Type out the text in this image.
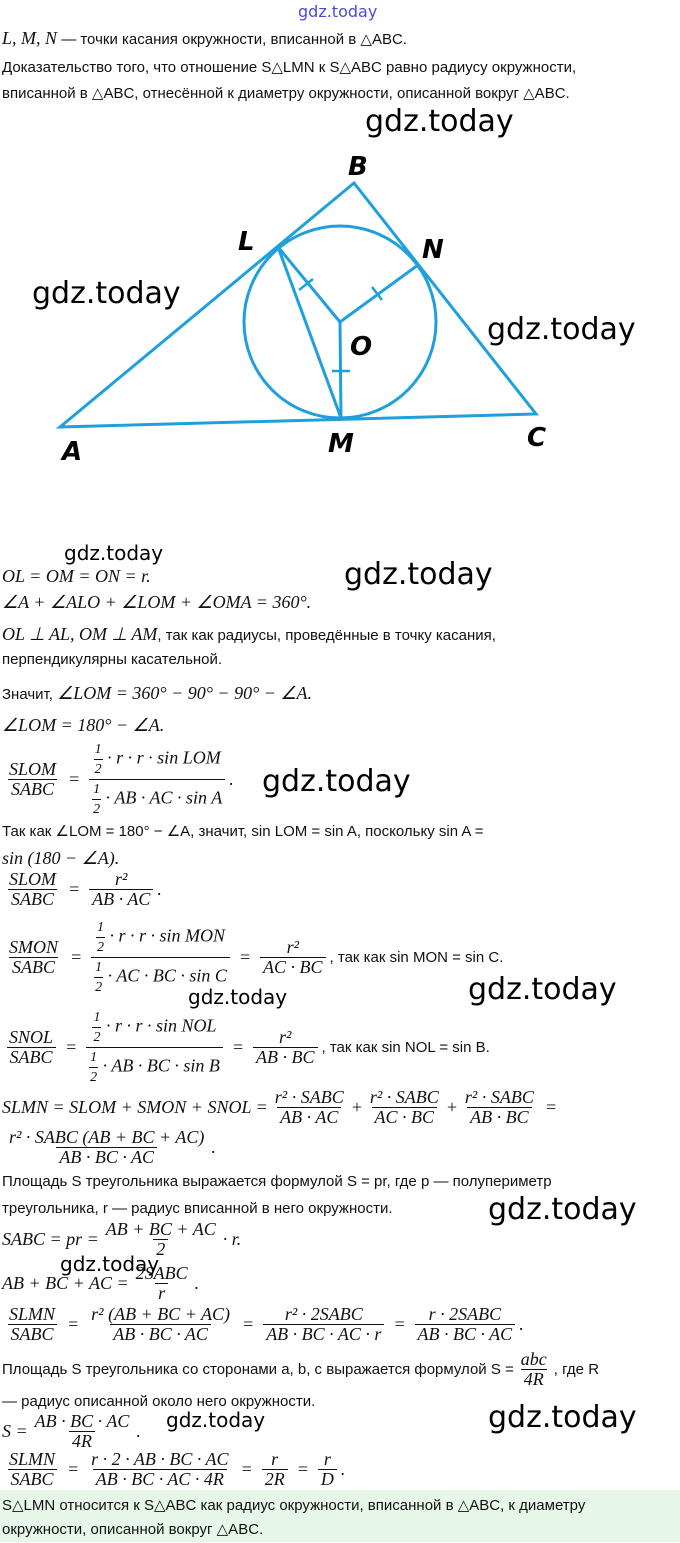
gdz.today
gdz.today
gdz.today
gdz.today
gdz.today
gdz.today
gdz.today
gdz.today	gdz.today
gdz.today
gdz.today
gdz.today	gdz.today
L, M, N — точки касания окружности, вписанной в △ABC.
Доказательство того, что отношение S△LMN к S△ABC равно радиусу окружности,
вписанной в △ABC, отнесённой к диаметру окружности, описанной вокруг △ABC.
B
L	N
O
A	M	C
OL = OM = ON = r.
∠A + ∠ALO + ∠LOM + ∠OMA = 360°.
OL ⊥ AL, OM ⊥ AM, так как радиусы, проведённые в точку касания,
перпендикулярны касательной.
Значит, ∠LOM = 360° − 90° − 90° − ∠A.
∠LOM = 180° − ∠A.
$\frac{\text{SLOM}}{\text{SABC}} = \frac{\frac{1}{2} \cdot r \cdot r \cdot \sin LOM}{\frac{1}{2} \cdot AB \cdot AC \cdot \sin A}$ .
Так как ∠LOM = 180° − ∠A, значит, sin LOM = sin A, поскольку sin A =
sin (180 − ∠A).
$\frac{\text{SLOM}}{\text{SABC}} = \frac{\text{r²}}{AB \cdot AC}$ .
$\frac{\text{SMON}}{\text{SABC}} = \frac{\frac{1}{2} \cdot r \cdot r \cdot \sin MON}{\frac{1}{2} \cdot AC \cdot BC \cdot \sin C} = \frac{\text{r²}}{AC \cdot BC}$ , так как sin MON = sin C.
$\frac{\text{SNOL}}{\text{SABC}} = \frac{\frac{1}{2} \cdot r \cdot r \cdot \sin NOL}{\frac{1}{2} \cdot AB \cdot BC \cdot \sin B} = \frac{\text{r²}}{AB \cdot BC}$ , так как sin NOL = sin B.
SLMN = SLOM + SMON + SNOL = $\frac{\text{r² · SABC}}{AB \cdot AC} + \frac{\text{r² · SABC}}{AC \cdot BC} + \frac{\text{r² · SABC}}{AB \cdot BC}$ =
$\frac{\text{r² · SABC (AB + BC + AC)}}{AB \cdot BC \cdot AC}$ .
Площадь S треугольника выражается формулой S = pr, где p — полупериметр
треугольника, r — радиус вписанной в него окружности.
SABC = pr = $\frac{AB + BC + AC}{2} \cdot r$.
AB + BC + AC = $\frac{\text{2SABC}}{r}$ .
$\frac{\text{SLMN}}{\text{SABC}} = \frac{\text{r² (AB + BC + AC)}}{AB \cdot BC \cdot AC} = \frac{\text{r² · 2SABC}}{AB \cdot BC \cdot AC \cdot r} = \frac{\text{r · 2SABC}}{AB \cdot BC \cdot AC}$ .
Площадь S треугольника со сторонами a, b, c выражается формулой $S = \frac{\text{abc}}{4R}$ , где R
— радиус описанной около него окружности.
$S = \frac{AB \cdot BC \cdot AC}{4R}$ .
$\frac{\text{SLMN}}{\text{SABC}} = \frac{r \cdot 2 \cdot AB \cdot BC \cdot AC}{AB \cdot BC \cdot AC \cdot 4R} = \frac{r}{2R} = \frac{r}{D}$ .
S△LMN относится к S△ABC как радиус окружности, вписанной в △ABC, к диаметру
окружности, описанной вокруг △ABC.
